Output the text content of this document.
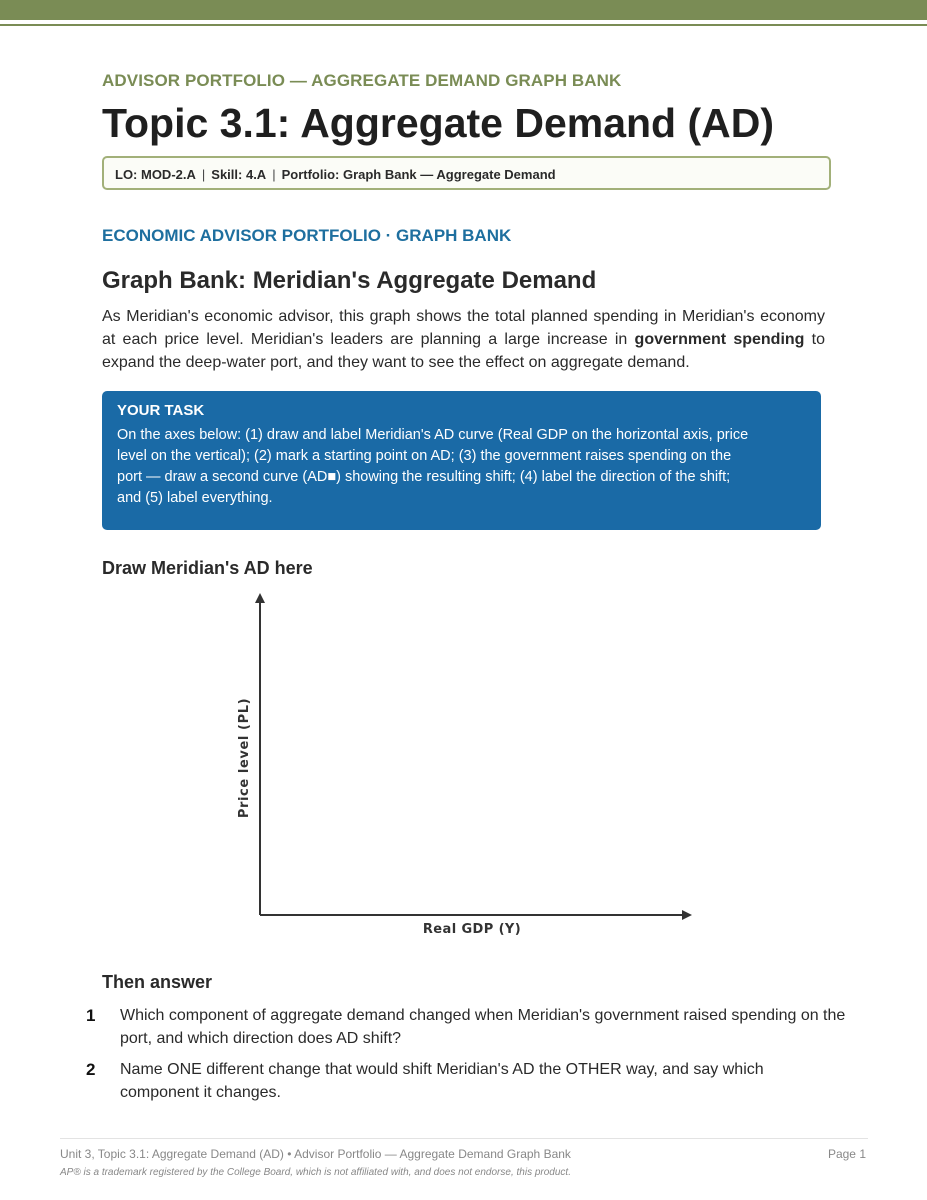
ADVISOR PORTFOLIO — AGGREGATE DEMAND GRAPH BANK
Topic 3.1: Aggregate Demand (AD)
LO: MOD-2.A | Skill: 4.A | Portfolio: Graph Bank — Aggregate Demand
ECONOMIC ADVISOR PORTFOLIO · GRAPH BANK
Graph Bank: Meridian's Aggregate Demand
As Meridian's economic advisor, this graph shows the total planned spending in Meridian's economy at each price level. Meridian's leaders are planning a large increase in government spending to expand the deep-water port, and they want to see the effect on aggregate demand.
YOUR TASK
On the axes below: (1) draw and label Meridian's AD curve (Real GDP on the horizontal axis, price level on the vertical); (2) mark a starting point on AD; (3) the government raises spending on the port — draw a second curve (AD■) showing the resulting shift; (4) label the direction of the shift; and (5) label everything.
Draw Meridian's AD here
Price level (PL)
Real GDP (Y)
Then answer
1 Which component of aggregate demand changed when Meridian's government raised spending on the port, and which direction does AD shift?
2 Name ONE different change that would shift Meridian's AD the OTHER way, and say which component it changes.
Unit 3, Topic 3.1: Aggregate Demand (AD) • Advisor Portfolio — Aggregate Demand Graph Bank	Page 1
AP® is a trademark registered by the College Board, which is not affiliated with, and does not endorse, this product.
